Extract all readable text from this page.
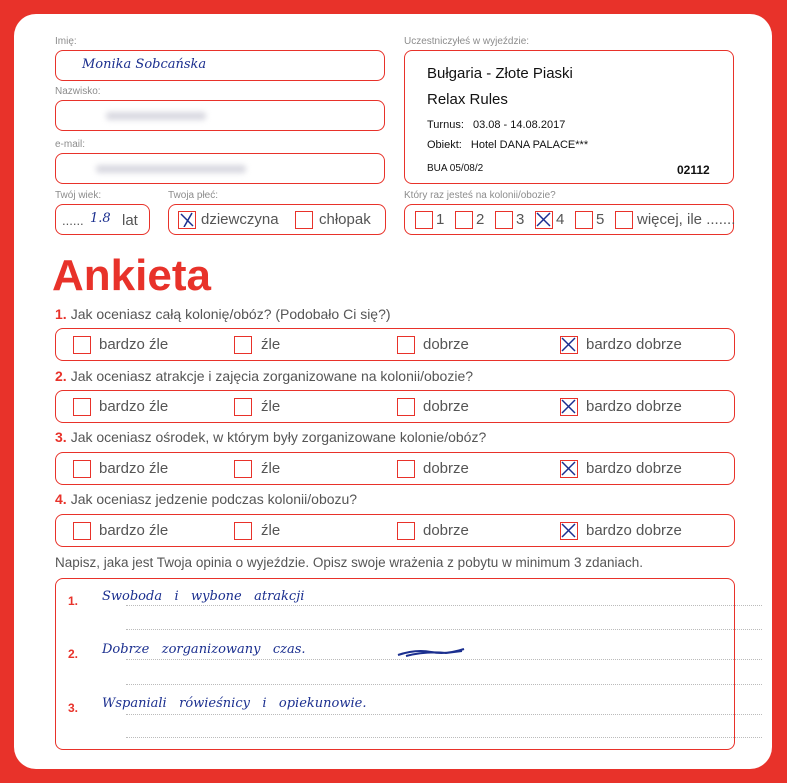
Imię:
Monika Sobcańska
Nazwisko:
e-mail:
Twój wiek:
...... 1.8 lat
Twoja płeć:
dziewczyna	chłopak
Uczestniczyłeś w wyjeździe:
Bułgaria - Złote Piaski
Relax Rules
Turnus: 03.08 - 14.08.2017
Obiekt: Hotel DANA PALACE***
BUA 05/08/2	02112
Który raz jesteś na kolonii/obozie?
1 2 3 4 5 więcej, ile .......
Ankieta
1. Jak oceniasz całą kolonię/obóz? (Podobało Ci się?)
bardzo źle	źle	dobrze	bardzo dobrze
2. Jak oceniasz atrakcje i zajęcia zorganizowane na kolonii/obozie?
bardzo źle	źle	dobrze	bardzo dobrze
3. Jak oceniasz ośrodek, w którym były zorganizowane kolonie/obóz?
bardzo źle	źle	dobrze	bardzo dobrze
4. Jak oceniasz jedzenie podczas kolonii/obozu?
bardzo źle	źle	dobrze	bardzo dobrze
Napisz, jaka jest Twoja opinia o wyjeździe. Opisz swoje wrażenia z pobytu w minimum 3 zdaniach.
1. Swoboda   i   wybone   atrakcji
2. Dobrze   zorganizowany   czas.
3. Wspaniali   rówieśnicy   i   opiekunowie.
